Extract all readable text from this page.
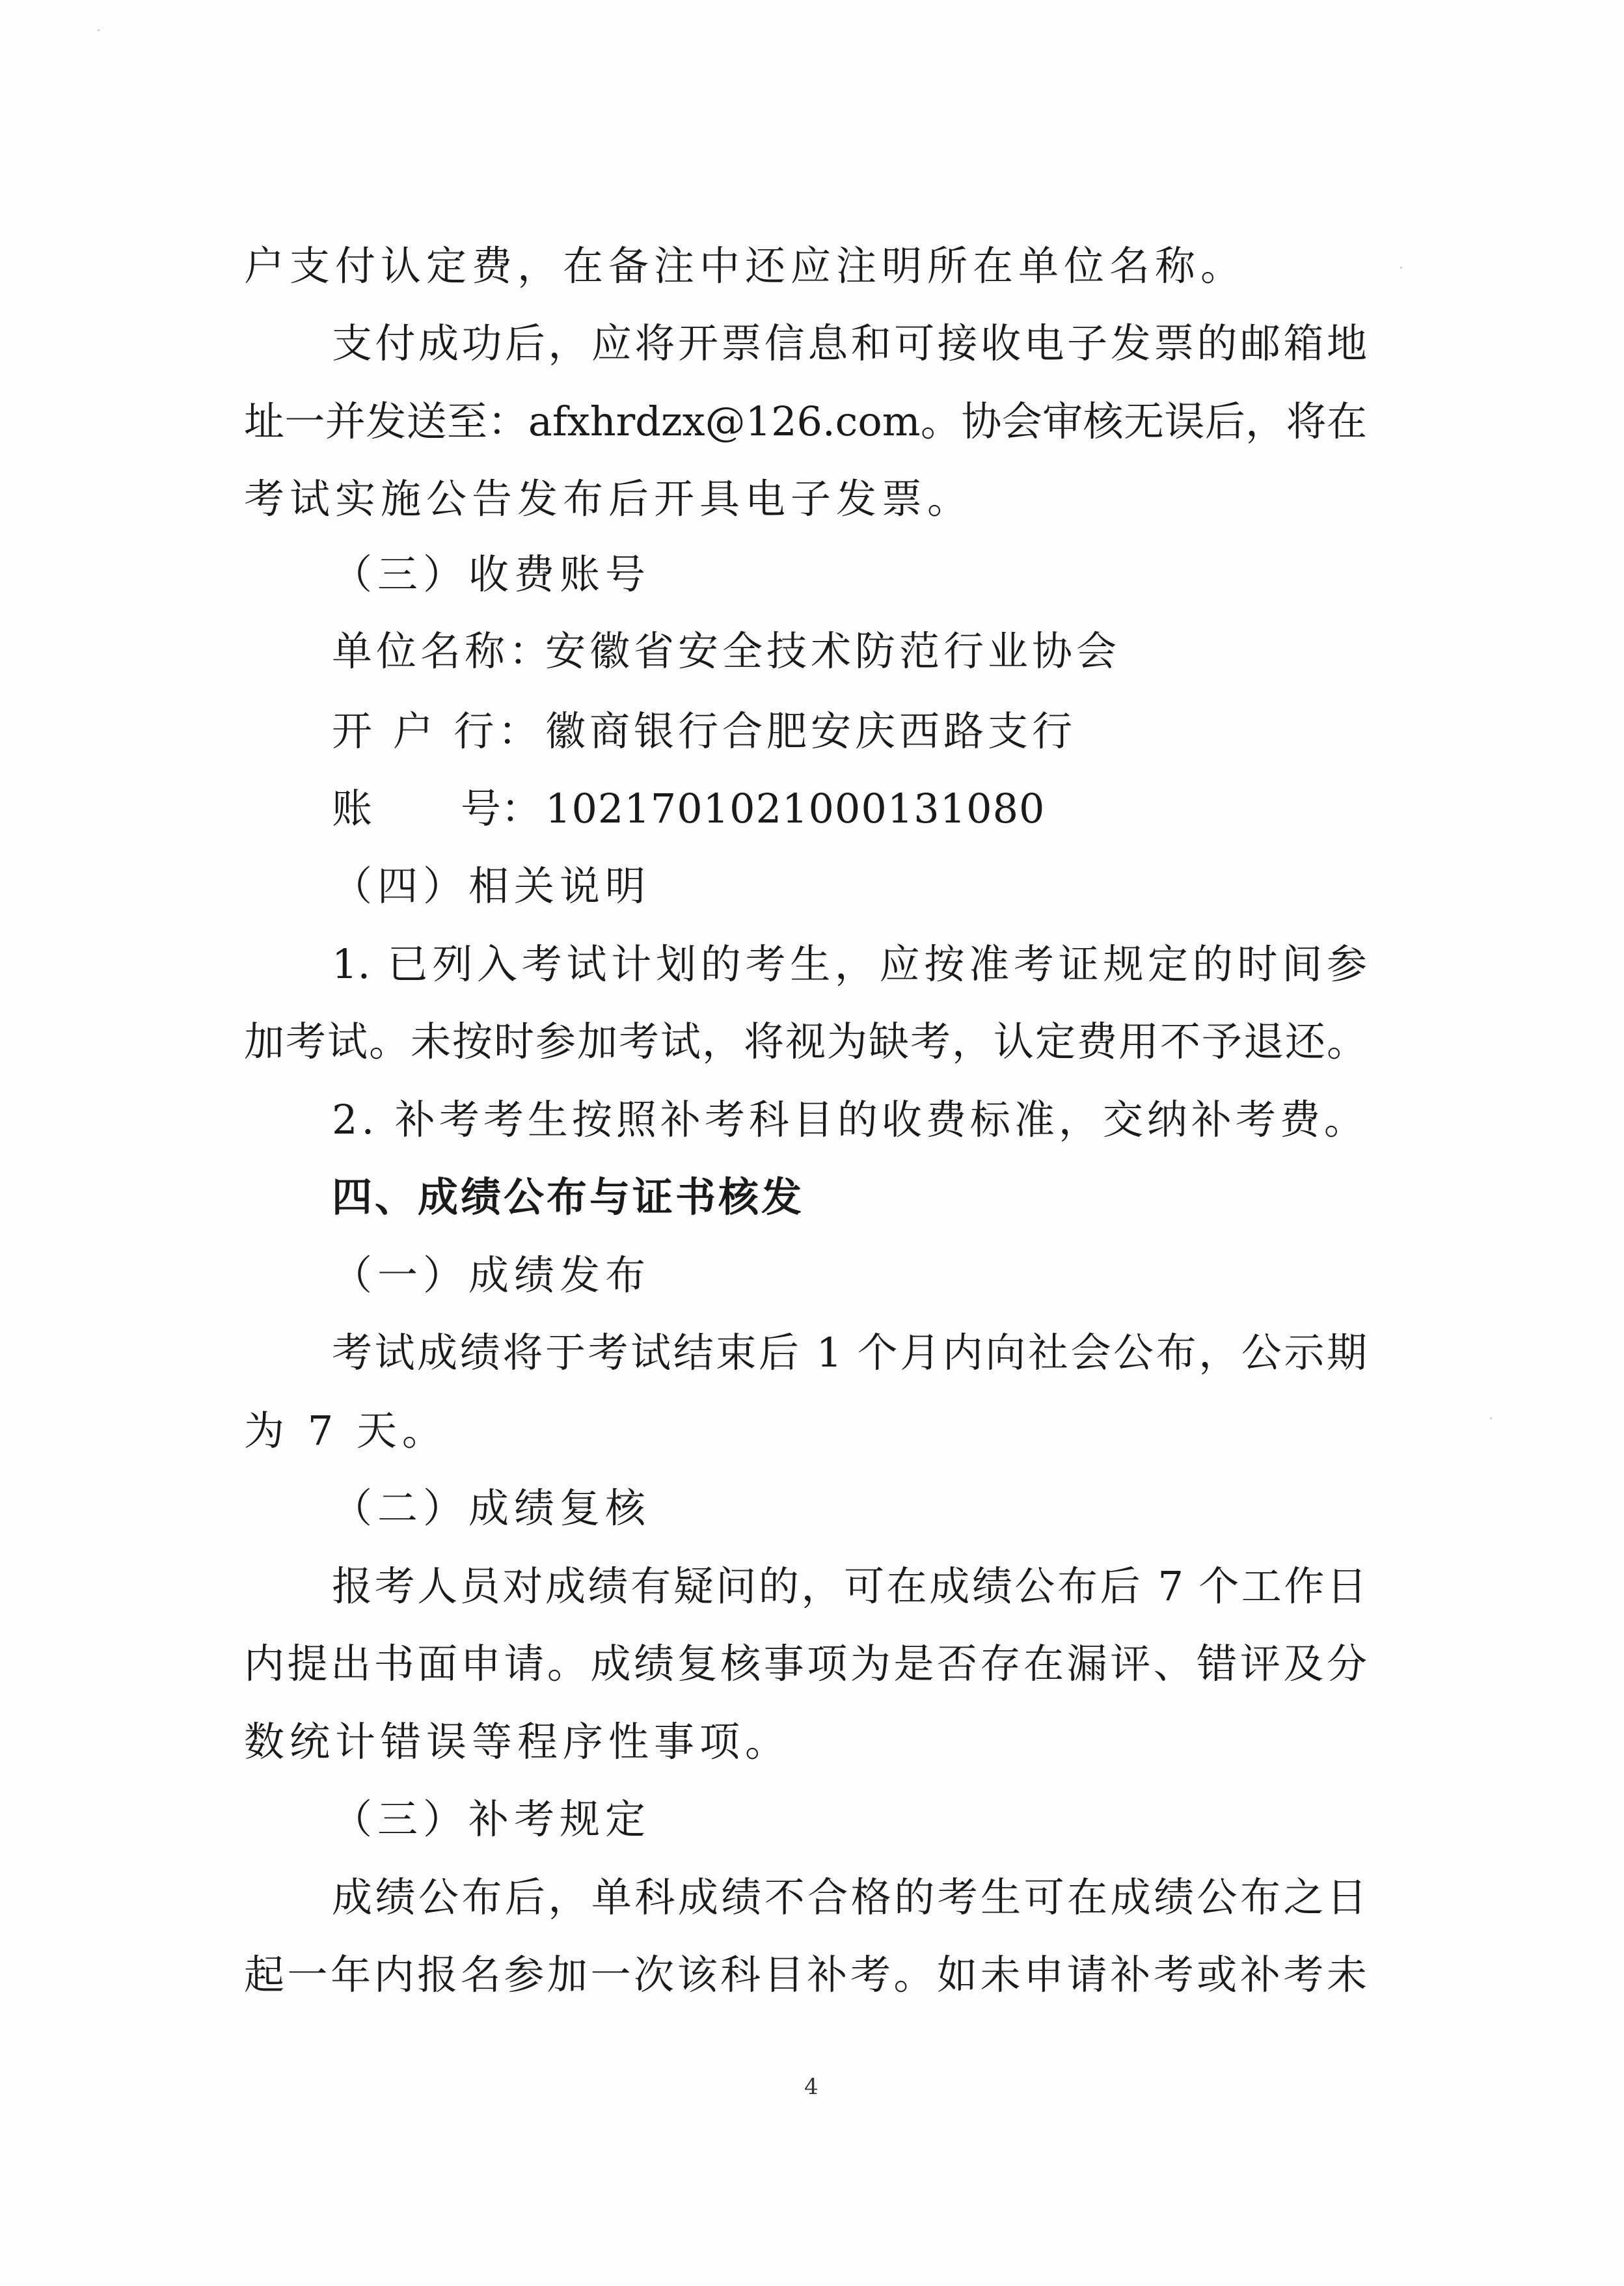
户支付认定费，在备注中还应注明所在单位名称。
支付成功后，应将开票信息和可接收电子发票的邮箱地
址一并发送至：afxhrdzx@126.com。协会审核无误后，将在
考试实施公告发布后开具电子发票。
（三）收费账号
单位名称：
安徽省安全技术防范行业协会
开 户 行： 徽商银行合肥安庆西路支行
账 号： 1021701021000131080
（四）相关说明
1. 已列入考试计划的考生，应按准考证规定的时间参
加考试。未按时参加考试，将视为缺考，认定费用不予退还。
2. 补考考生按照补考科目的收费标准，交纳补考费。
四、成绩公布与证书核发
（一）成绩发布
考试成绩将于考试结束后 1 个月内向社会公布，公示期
为 7 天。
（二）成绩复核
报考人员对成绩有疑问的，可在成绩公布后 7 个工作日
内提出书面申请。成绩复核事项为是否存在漏评、错评及分
数统计错误等程序性事项。
（三）补考规定
成绩公布后，单科成绩不合格的考生可在成绩公布之日
起一年内报名参加一次该科目补考。如未申请补考或补考未
4
